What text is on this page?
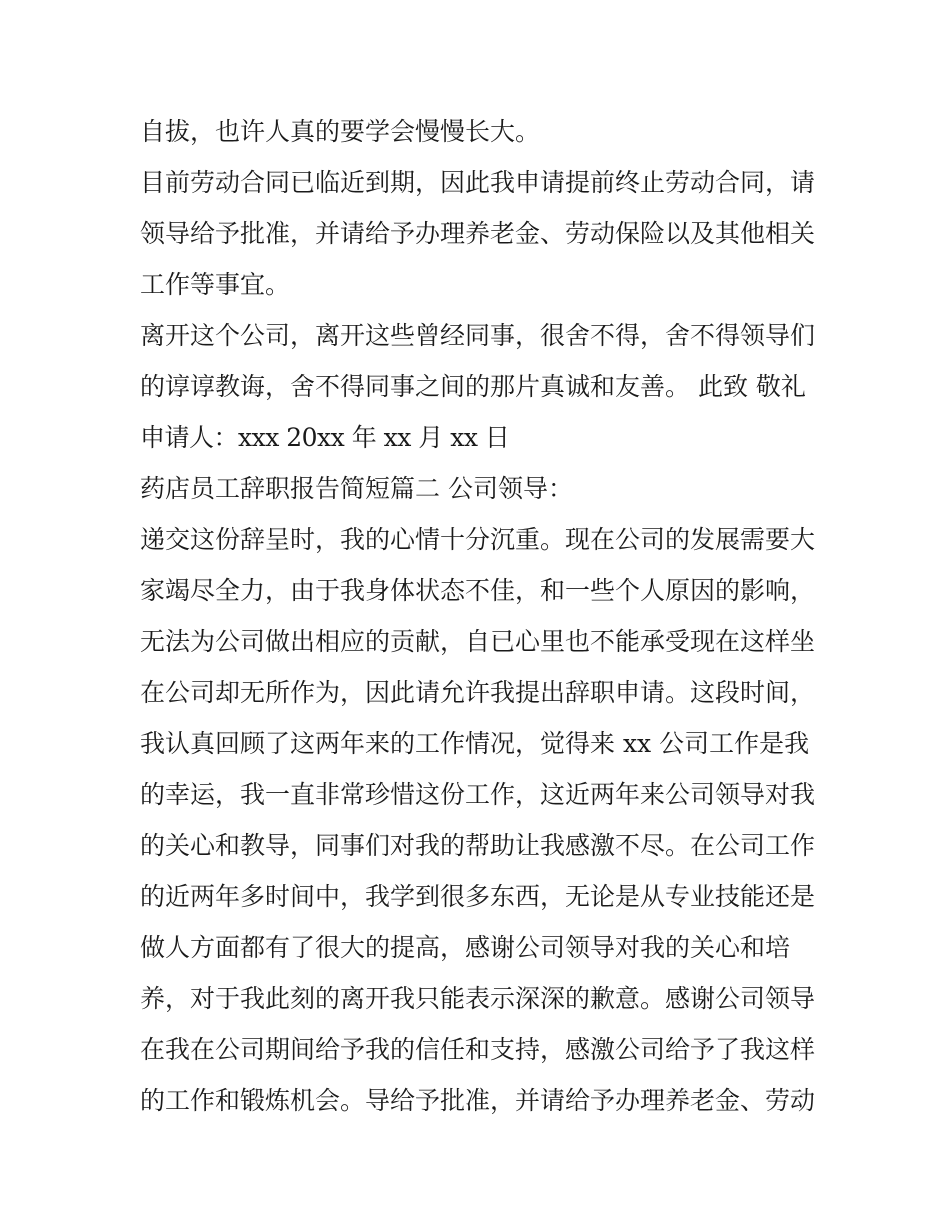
自拔，也许人真的要学会慢慢长大。
目前劳动合同已临近到期，因此我申请提前终止劳动合同，请
领导给予批准，并请给予办理养老金、劳动保险以及其他相关
工作等事宜。
离开这个公司，离开这些曾经同事，很舍不得，舍不得领导们
的谆谆教诲，舍不得同事之间的那片真诚和友善。 此致 敬礼
申请人：xxx 20xx 年 xx 月 xx 日
药店员工辞职报告简短篇二 公司领导：
递交这份辞呈时，我的心情十分沉重。现在公司的发展需要大
家竭尽全力，由于我身体状态不佳，和一些个人原因的影响，
无法为公司做出相应的贡献，自已心里也不能承受现在这样坐
在公司却无所作为，因此请允许我提出辞职申请。这段时间，
我认真回顾了这两年来的工作情况，觉得来 xx 公司工作是我
的幸运，我一直非常珍惜这份工作，这近两年来公司领导对我
的关心和教导，同事们对我的帮助让我感激不尽。在公司工作
的近两年多时间中，我学到很多东西，无论是从专业技能还是
做人方面都有了很大的提高，感谢公司领导对我的关心和培
养，对于我此刻的离开我只能表示深深的歉意。感谢公司领导
在我在公司期间给予我的信任和支持，感激公司给予了我这样
的工作和锻炼机会。导给予批准，并请给予办理养老金、劳动
